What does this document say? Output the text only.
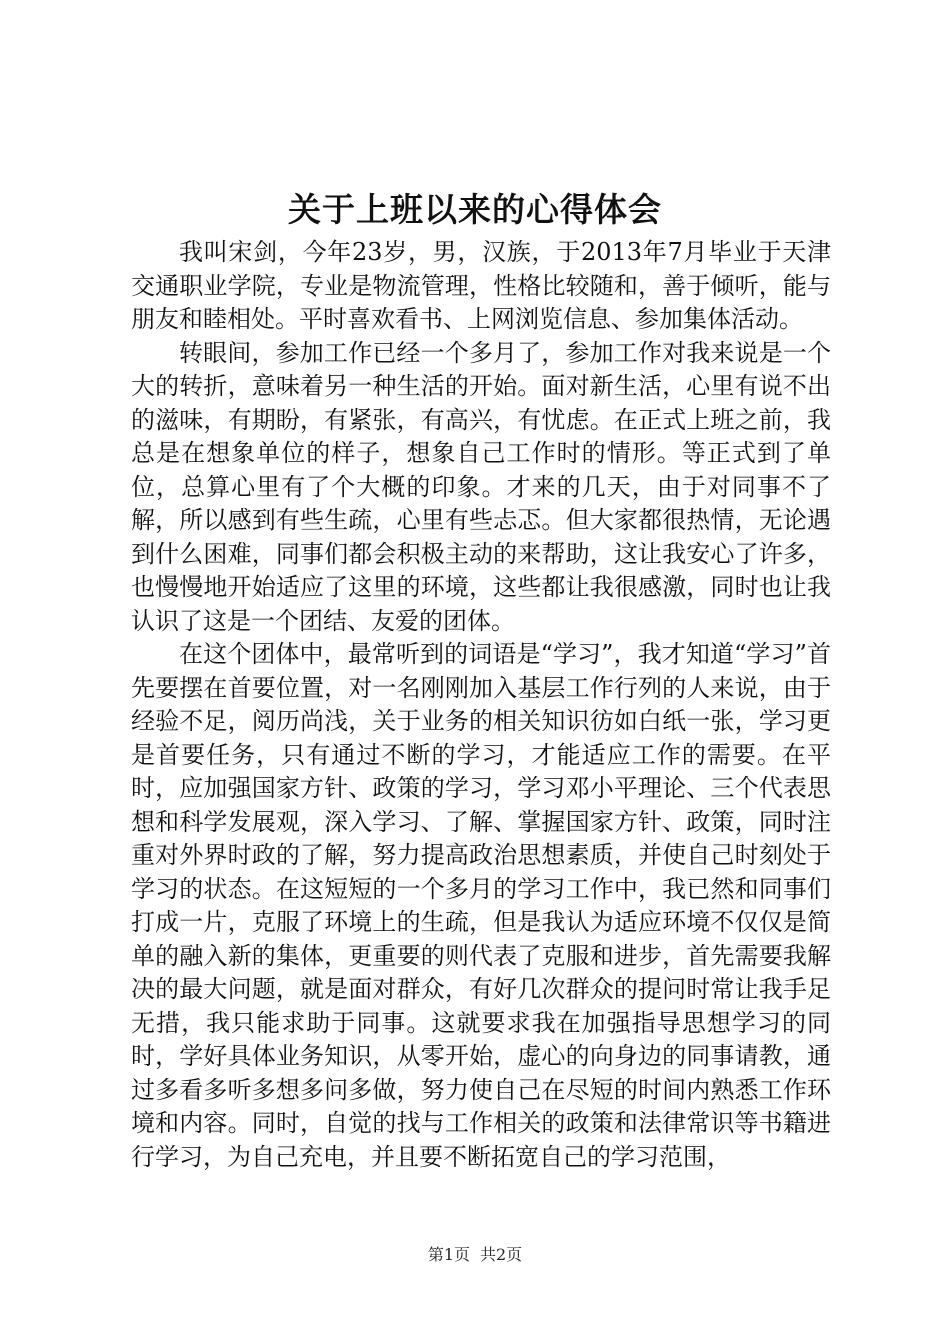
关于上班以来的心得体会

我叫宋剑，今年23岁，男，汉族，于2013年7月毕业于天津交通职业学院，专业是物流管理，性格比较随和，善于倾听，能与朋友和睦相处。平时喜欢看书、上网浏览信息、参加集体活动。

转眼间，参加工作已经一个多月了，参加工作对我来说是一个大的转折，意味着另一种生活的开始。面对新生活，心里有说不出的滋味，有期盼，有紧张，有高兴，有忧虑。在正式上班之前，我总是在想象单位的样子，想象自己工作时的情形。等正式到了单位，总算心里有了个大概的印象。才来的几天，由于对同事不了解，所以感到有些生疏，心里有些忐忑。但大家都很热情，无论遇到什么困难，同事们都会积极主动的来帮助，这让我安心了许多，也慢慢地开始适应了这里的环境，这些都让我很感激，同时也让我认识了这是一个团结、友爱的团体。

在这个团体中，最常听到的词语是“学习”，我才知道“学习”首先要摆在首要位置，对一名刚刚加入基层工作行列的人来说，由于经验不足，阅历尚浅，关于业务的相关知识彷如白纸一张，学习更是首要任务，只有通过不断的学习，才能适应工作的需要。在平时，应加强国家方针、政策的学习，学习邓小平理论、三个代表思想和科学发展观，深入学习、了解、掌握国家方针、政策，同时注重对外界时政的了解，努力提高政治思想素质，并使自己时刻处于学习的状态。在这短短的一个多月的学习工作中，我已然和同事们打成一片，克服了环境上的生疏，但是我认为适应环境不仅仅是简单的融入新的集体，更重要的则代表了克服和进步，首先需要我解决的最大问题，就是面对群众，有好几次群众的提问时常让我手足无措，我只能求助于同事。这就要求我在加强指导思想学习的同时，学好具体业务知识，从零开始，虚心的向身边的同事请教，通过多看多听多想多问多做，努力使自己在尽短的时间内熟悉工作环境和内容。同时，自觉的找与工作相关的政策和法律常识等书籍进行学习，为自己充电，并且要不断拓宽自己的学习范围，

第1页 共2页
